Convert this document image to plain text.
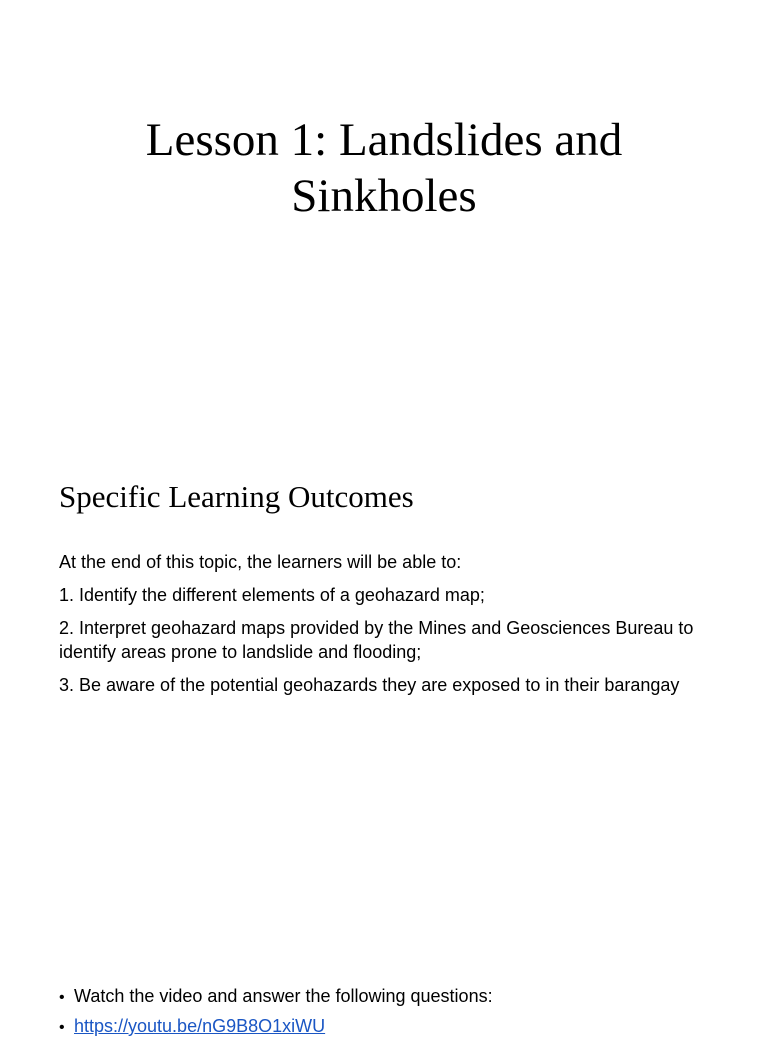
Lesson 1: Landslides and
Sinkholes
Specific Learning Outcomes

At the end of this topic, the learners will be able to:

1. Identify the different elements of a geohazard map;

2. Interpret geohazard maps provided by the Mines and Geosciences Bureau to identify areas prone to landslide and flooding;

3. Be aware of the potential geohazards they are exposed to in their barangay

• Watch the video and answer the following questions:
• https://youtu.be/nG9B8O1xiWU
